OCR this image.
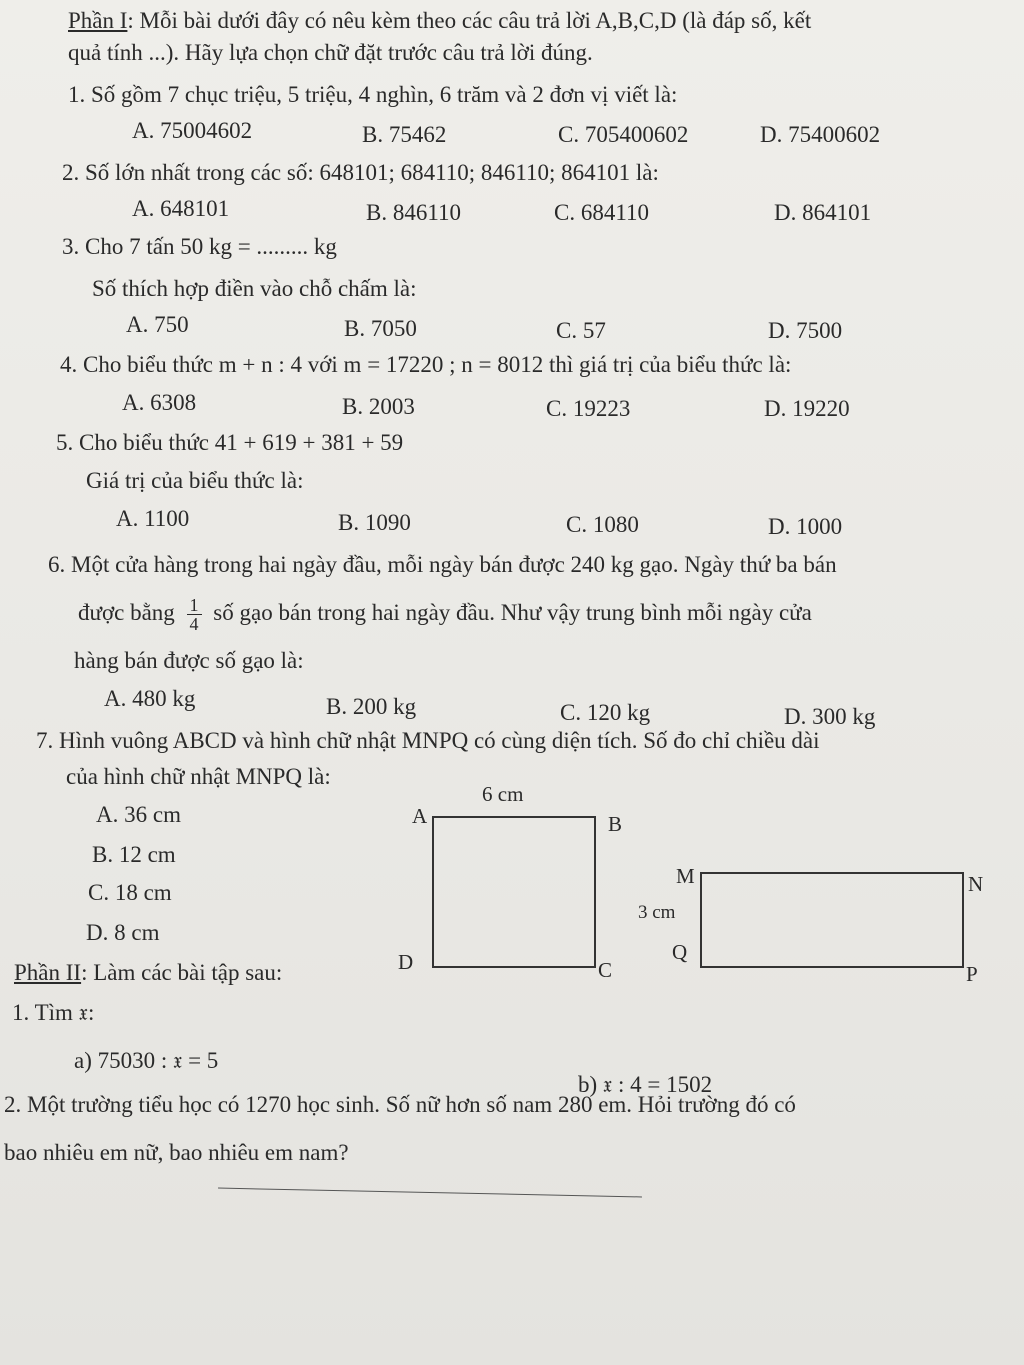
Phần I: Mỗi bài dưới đây có nêu kèm theo các câu trả lời A,B,C,D (là đáp số, kết
quả tính ...). Hãy lựa chọn chữ đặt trước câu trả lời đúng.
1. Số gồm 7 chục triệu, 5 triệu, 4 nghìn, 6 trăm và 2 đơn vị viết là:
A. 75004602	B. 75462	C. 705400602	D. 75400602
2. Số lớn nhất trong các số: 648101; 684110; 846110; 864101 là:
A. 648101	B. 846110	C. 684110	D. 864101
3. Cho 7 tấn 50 kg = ......... kg
Số thích hợp điền vào chỗ chấm là:
A. 750	B. 7050	C. 57	D. 7500
4. Cho biểu thức m + n : 4 với m = 17220 ; n = 8012 thì giá trị của biểu thức là:
A. 6308	B. 2003	C. 19223	D. 19220
5. Cho biểu thức 41 + 619 + 381 + 59
Giá trị của biểu thức là:
A. 1100	B. 1090	C. 1080	D. 1000
6. Một cửa hàng trong hai ngày đầu, mỗi ngày bán được 240 kg gạo. Ngày thứ ba bán
được bằng $\frac{1}{4}$ số gạo bán trong hai ngày đầu. Như vậy trung bình mỗi ngày cửa
hàng bán được số gạo là:
A. 480 kg	B. 200 kg	C. 120 kg	D. 300 kg
7. Hình vuông ABCD và hình chữ nhật MNPQ có cùng diện tích. Số đo chỉ chiều dài
của hình chữ nhật MNPQ là:
A. 36 cm
B. 12 cm
C. 18 cm
D. 8 cm
6 cm
A	B
C
D
M	N
P
Q
3 cm
Phần II: Làm các bài tập sau:
1. Tìm 𝔵:
a) 75030 : 𝔵 = 5
b) 𝔵 : 4 = 1502
2. Một trường tiểu học có 1270 học sinh. Số nữ hơn số nam 280 em. Hỏi trường đó có
bao nhiêu em nữ, bao nhiêu em nam?
